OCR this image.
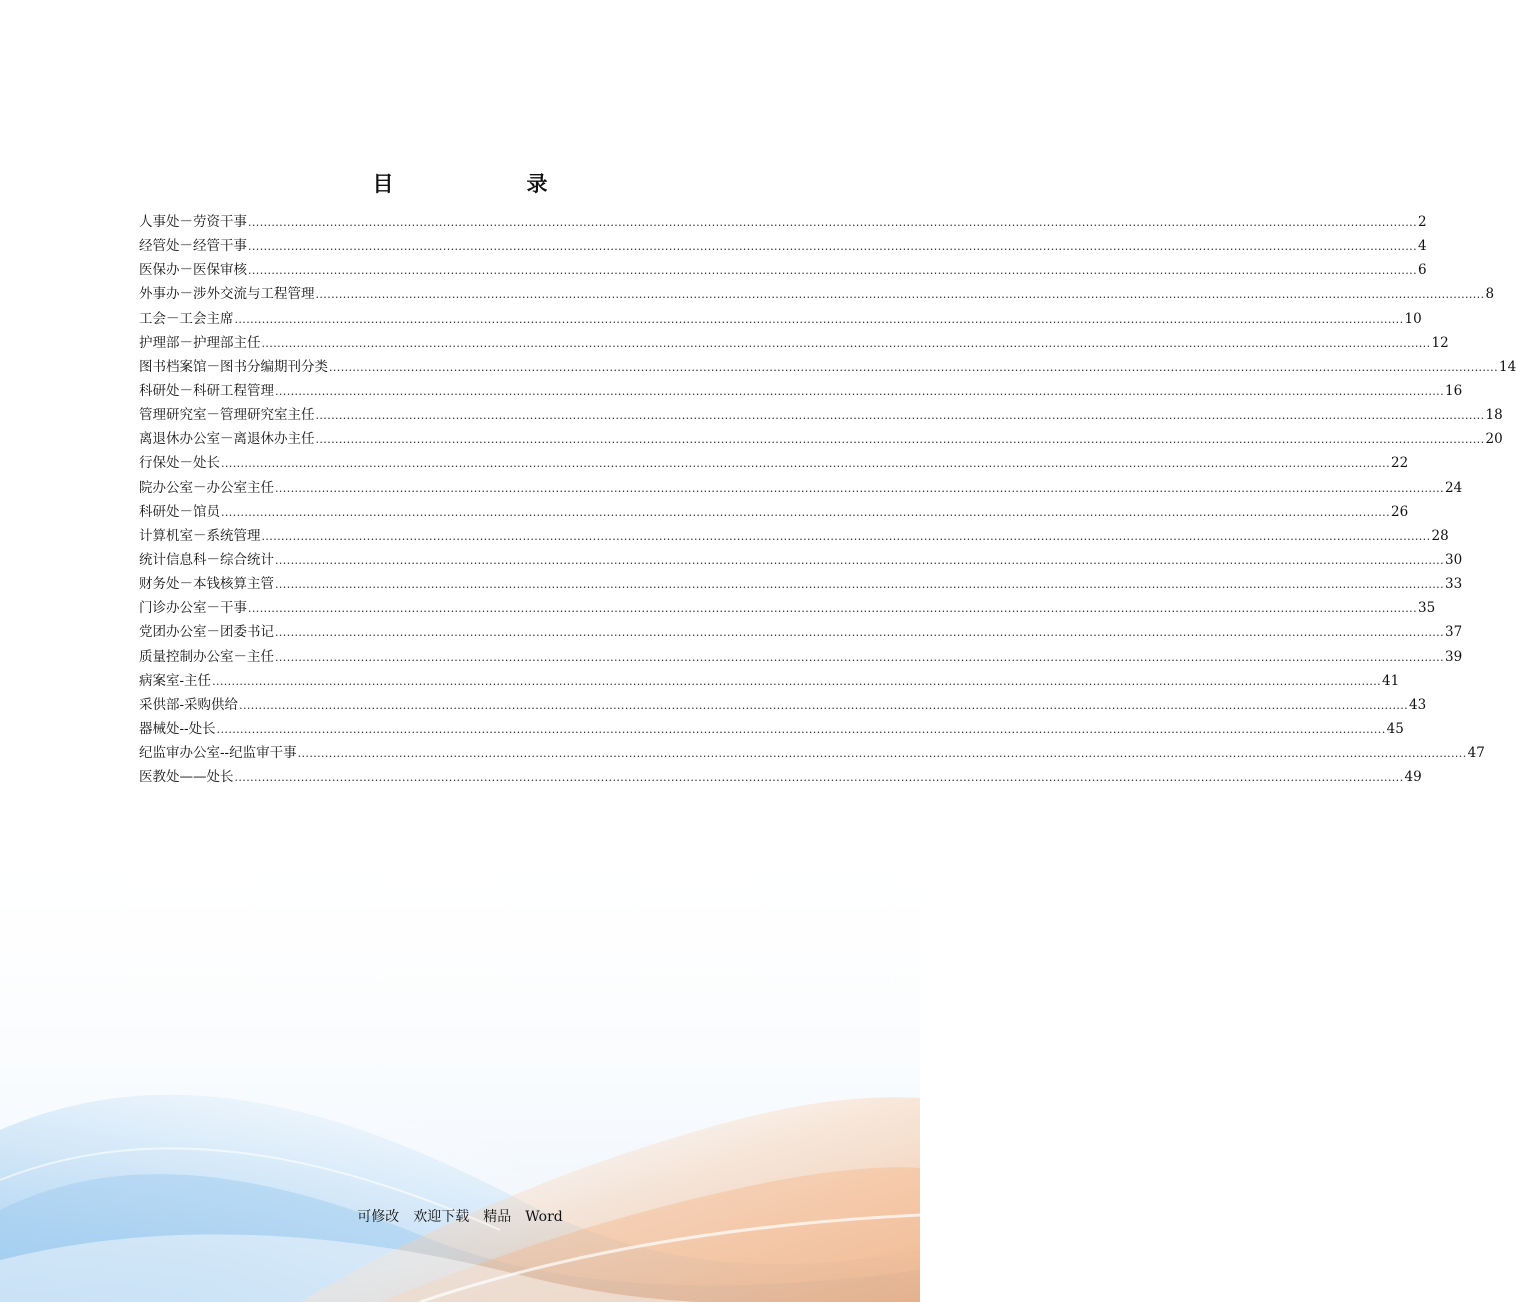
目　录
人事处－劳资干事 ............................................................................................................................................................................................................................................................................................................ 2
经管处－经管干事 ............................................................................................................................................................................................................................................................................................................ 4
医保办－医保审核 ............................................................................................................................................................................................................................................................................................................ 6
外事办－涉外交流与工程管理 ............................................................................................................................................................................................................................................................................................................ 8
工会－工会主席 ............................................................................................................................................................................................................................................................................................................ 10
护理部－护理部主任 ............................................................................................................................................................................................................................................................................................................ 12
图书档案馆－图书分编期刊分类 ............................................................................................................................................................................................................................................................................................................ 14
科研处－科研工程管理 ............................................................................................................................................................................................................................................................................................................ 16
管理研究室－管理研究室主任 ............................................................................................................................................................................................................................................................................................................ 18
离退休办公室－离退休办主任 ............................................................................................................................................................................................................................................................................................................ 20
行保处－处长 ............................................................................................................................................................................................................................................................................................................ 22
院办公室－办公室主任 ............................................................................................................................................................................................................................................................................................................ 24
科研处－馆员 ............................................................................................................................................................................................................................................................................................................ 26
计算机室－系统管理 ............................................................................................................................................................................................................................................................................................................ 28
统计信息科－综合统计 ............................................................................................................................................................................................................................................................................................................ 30
财务处－本钱核算主管 ............................................................................................................................................................................................................................................................................................................ 33
门诊办公室－干事 ............................................................................................................................................................................................................................................................................................................ 35
党团办公室－团委书记 ............................................................................................................................................................................................................................................................................................................ 37
质量控制办公室－主任 ............................................................................................................................................................................................................................................................................................................ 39
病案室-主任 ............................................................................................................................................................................................................................................................................................................ 41
采供部-采购供给 ............................................................................................................................................................................................................................................................................................................ 43
器械处--处长 ............................................................................................................................................................................................................................................................................................................ 45
纪监审办公室--纪监审干事 ............................................................................................................................................................................................................................................................................................................ 47
医教处——处长 ............................................................................................................................................................................................................................................................................................................ 49
可修改 欢迎下载 精品 Word
